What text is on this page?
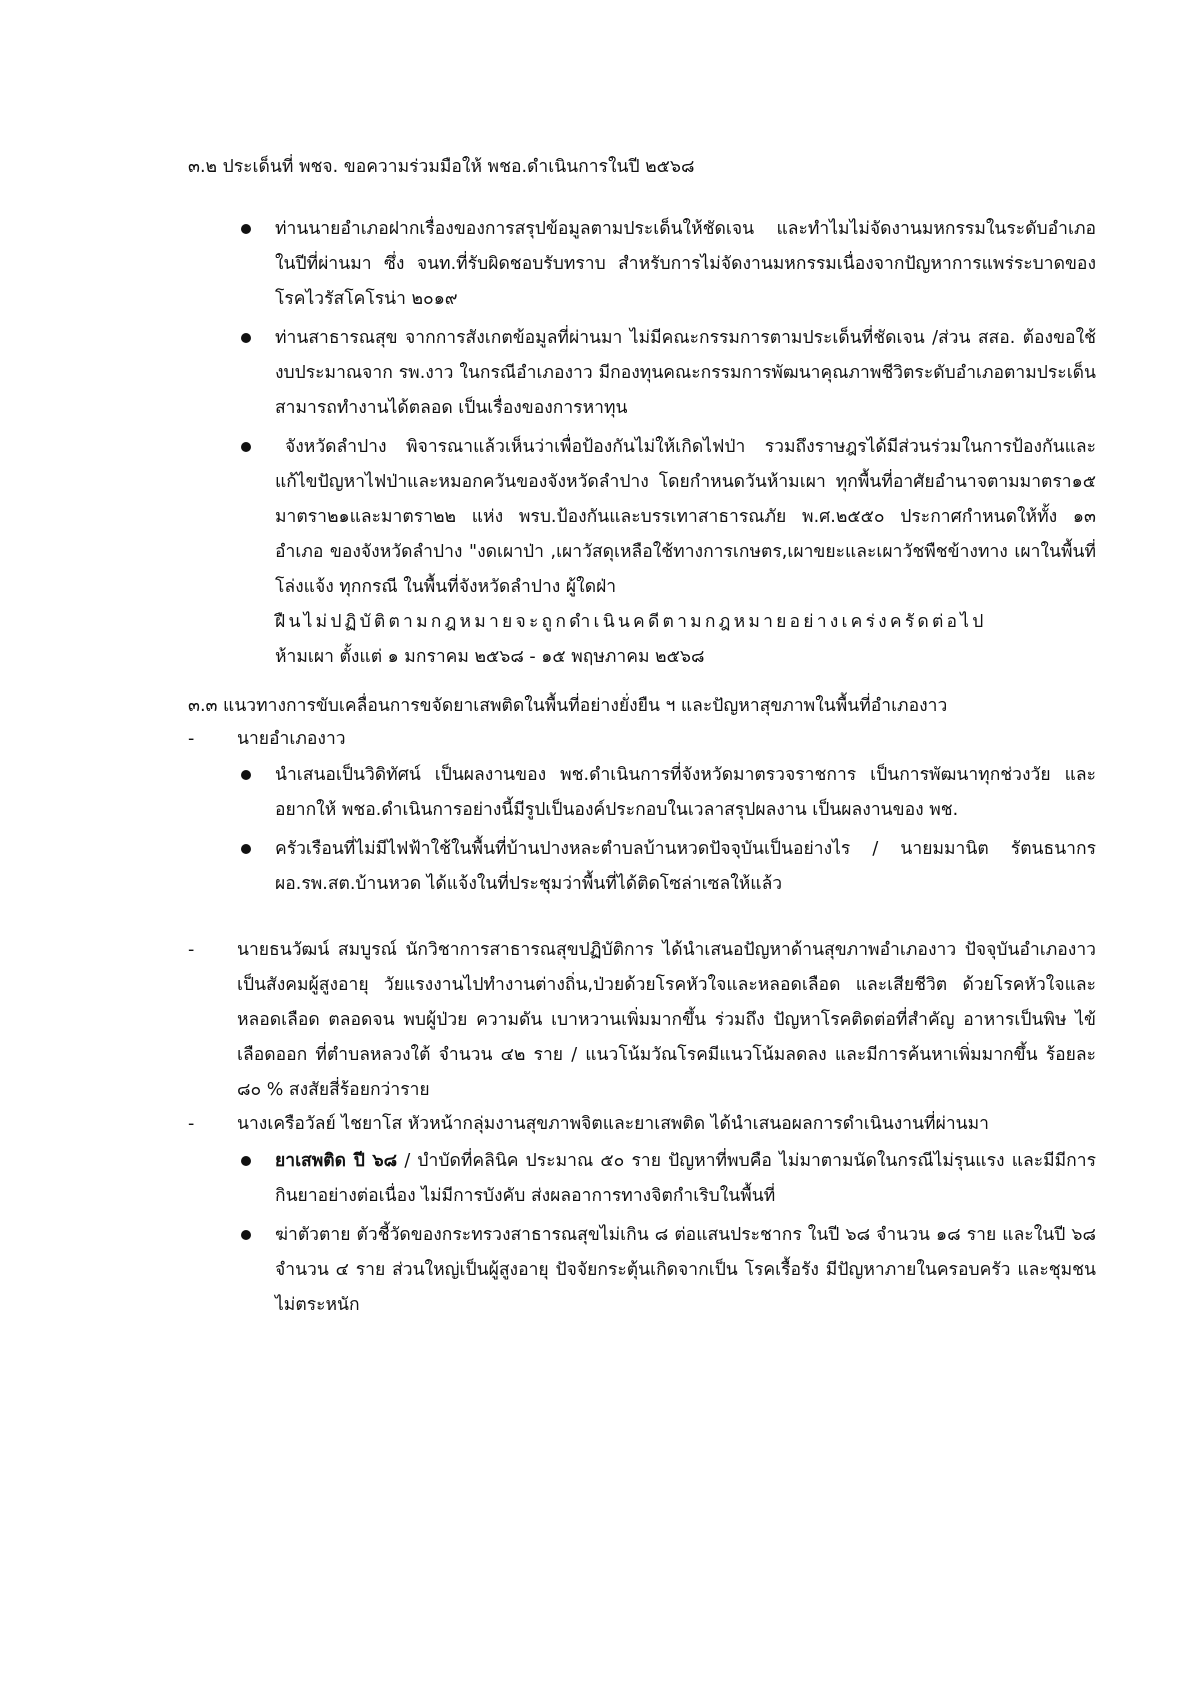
๓.๒ ประเด็นที่ พชจ. ขอความร่วมมือให้ พชอ.ดำเนินการในปี ๒๕๖๘
ท่านนายอำเภอฝากเรื่องของการสรุปข้อมูลตามประเด็นให้ชัดเจน และทำไมไม่จัดงานมหกรรมในระดับอำเภอในปีที่ผ่านมา ซึ่ง จนท.ที่รับผิดชอบรับทราบ สำหรับการไม่จัดงานมหกรรมเนื่องจากปัญหาการแพร่ระบาดของโรคไวรัสโคโรน่า ๒๐๑๙
ท่านสาธารณสุข จากการสังเกตข้อมูลที่ผ่านมา ไม่มีคณะกรรมการตามประเด็นที่ชัดเจน /ส่วน สสอ. ต้องขอใช้งบประมาณจาก รพ.งาว ในกรณีอำเภองาว มีกองทุนคณะกรรมการพัฒนาคุณภาพชีวิตระดับอำเภอตามประเด็น สามารถทำงานได้ตลอด เป็นเรื่องของการหาทุน
จังหวัดลำปาง พิจารณาแล้วเห็นว่าเพื่อป้องกันไม่ให้เกิดไฟป่า รวมถึงราษฎรได้มีส่วนร่วมในการป้องกันและแก้ไขปัญหาไฟป่าและหมอกควันของจังหวัดลำปาง โดยกำหนดวันห้ามเผา ทุกพื้นที่อาศัยอำนาจตามมาตรา๑๕ มาตรา๒๑และมาตรา๒๒ แห่ง พรบ.ป้องกันและบรรเทาสาธารณภัย พ.ศ.๒๕๕๐ ประกาศกำหนดให้ทั้ง ๑๓ อำเภอ ของจังหวัดลำปาง "งดเผาป่า ,เผาวัสดุเหลือใช้ทางการเกษตร,เผาขยะและเผาวัชพืชข้างทาง เผาในพื้นที่โล่งแจ้ง ทุกกรณี ในพื้นที่จังหวัดลำปาง ผู้ใดฝ่า
ฝืนไม่ปฏิบัติตามกฎหมายจะถูกดำเนินคดีตามกฎหมายอย่างเคร่งครัดต่อไป
ห้ามเผา ตั้งแต่ ๑ มกราคม ๒๕๖๘ - ๑๕ พฤษภาคม ๒๕๖๘
๓.๓ แนวทางการขับเคลื่อนการขจัดยาเสพติดในพื้นที่อย่างยั่งยืน ฯ และปัญหาสุขภาพในพื้นที่อำเภองาว
-	นายอำเภองาว
นำเสนอเป็นวิดิทัศน์ เป็นผลงานของ พช.ดำเนินการที่จังหวัดมาตรวจราชการ เป็นการพัฒนาทุกช่วงวัย และอยากให้ พชอ.ดำเนินการอย่างนี้มีรูปเป็นองค์ประกอบในเวลาสรุปผลงาน เป็นผลงานของ พช.
ครัวเรือนที่ไม่มีไฟฟ้าใช้ในพื้นที่บ้านปางหละตำบลบ้านหวดปัจจุบันเป็นอย่างไร / นายมมานิต รัตนธนากร ผอ.รพ.สต.บ้านหวด ได้แจ้งในที่ประชุมว่าพื้นที่ได้ติดโซล่าเซลให้แล้ว
-	นายธนวัฒน์ สมบูรณ์ นักวิชาการสาธารณสุขปฏิบัติการ ได้นำเสนอปัญหาด้านสุขภาพอำเภองาว ปัจจุบันอำเภองาว เป็นสังคมผู้สูงอายุ วัยแรงงานไปทำงานต่างถิ่น,ป่วยด้วยโรคหัวใจและหลอดเลือด และเสียชีวิต ด้วยโรคหัวใจและหลอดเลือด ตลอดจน พบผู้ป่วย ความดัน เบาหวานเพิ่มมากขึ้น ร่วมถึง ปัญหาโรคติดต่อที่สำคัญ อาหารเป็นพิษ ไข้เลือดออก ที่ตำบลหลวงใต้ จำนวน ๔๒ ราย / แนวโน้มวัณโรคมีแนวโน้มลดลง และมีการค้นหาเพิ่มมากขึ้น ร้อยละ ๘๐ % สงสัยสี่ร้อยกว่าราย
-	นางเครือวัลย์ ไชยาโส หัวหน้ากลุ่มงานสุขภาพจิตและยาเสพติด ได้นำเสนอผลการดำเนินงานที่ผ่านมา
ยาเสพติด ปี ๖๘ / บำบัดที่คลินิค ประมาณ ๕๐ ราย ปัญหาที่พบคือ ไม่มาตามนัดในกรณีไม่รุนแรง และมีมีการกินยาอย่างต่อเนื่อง ไม่มีการบังคับ ส่งผลอาการทางจิตกำเริบในพื้นที่
ฆ่าตัวตาย ตัวชี้วัดของกระทรวงสาธารณสุขไม่เกิน ๘ ต่อแสนประชากร ในปี ๖๘ จำนวน ๑๘ ราย และในปี ๖๘ จำนวน ๔ ราย ส่วนใหญ่เป็นผู้สูงอายุ ปัจจัยกระตุ้นเกิดจากเป็น โรคเรื้อรัง มีปัญหาภายในครอบครัว และชุมชน ไม่ตระหนัก
